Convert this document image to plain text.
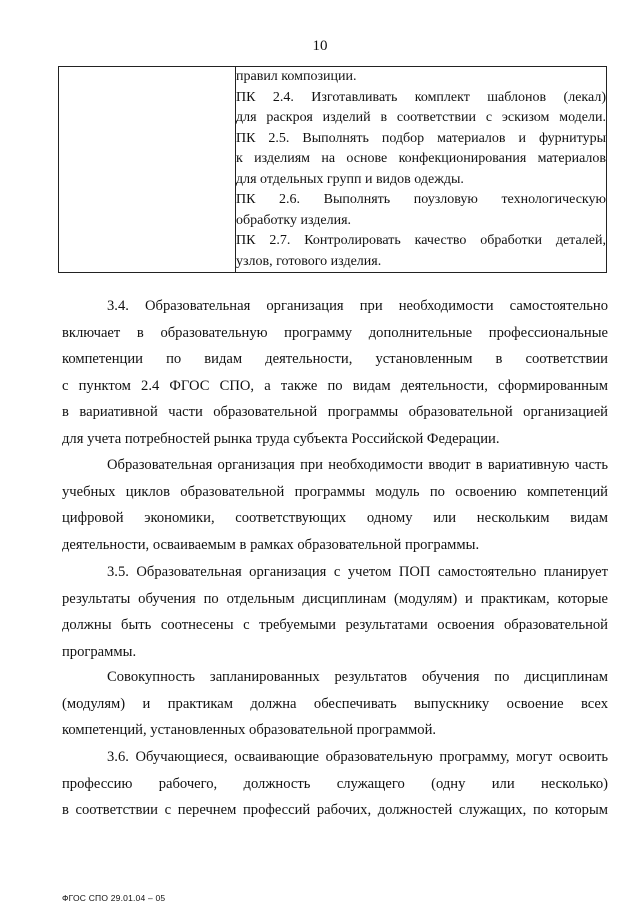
10

правил композиции.
ПК 2.4. Изготавливать комплект шаблонов (лекал)
для раскроя изделий в соответствии с эскизом модели.
ПК 2.5. Выполнять подбор материалов и фурнитуры
к изделиям на основе конфекционирования материалов
для отдельных групп и видов одежды.
ПК 2.6. Выполнять поузловую технологическую
обработку изделия.
ПК 2.7. Контролировать качество обработки деталей,
узлов, готового изделия.
3.4. Образовательная организация при необходимости самостоятельно
включает в образовательную программу дополнительные профессиональные
компетенции по видам деятельности, установленным в соответствии
с пунктом 2.4 ФГОС СПО, а также по видам деятельности, сформированным
в вариативной части образовательной программы образовательной организацией
для учета потребностей рынка труда субъекта Российской Федерации.
Образовательная организация при необходимости вводит в вариативную часть
учебных циклов образовательной программы модуль по освоению компетенций
цифровой экономики, соответствующих одному или нескольким видам
деятельности, осваиваемым в рамках образовательной программы.
3.5. Образовательная организация с учетом ПОП самостоятельно планирует
результаты обучения по отдельным дисциплинам (модулям) и практикам, которые
должны быть соотнесены с требуемыми результатами освоения образовательной
программы.
Совокупность запланированных результатов обучения по дисциплинам
(модулям) и практикам должна обеспечивать выпускнику освоение всех
компетенций, установленных образовательной программой.
3.6. Обучающиеся, осваивающие образовательную программу, могут освоить
профессию рабочего, должность служащего (одну или несколько)
в соответствии с перечнем профессий рабочих, должностей служащих, по которым
ФГОС СПО 29.01.04 – 05
